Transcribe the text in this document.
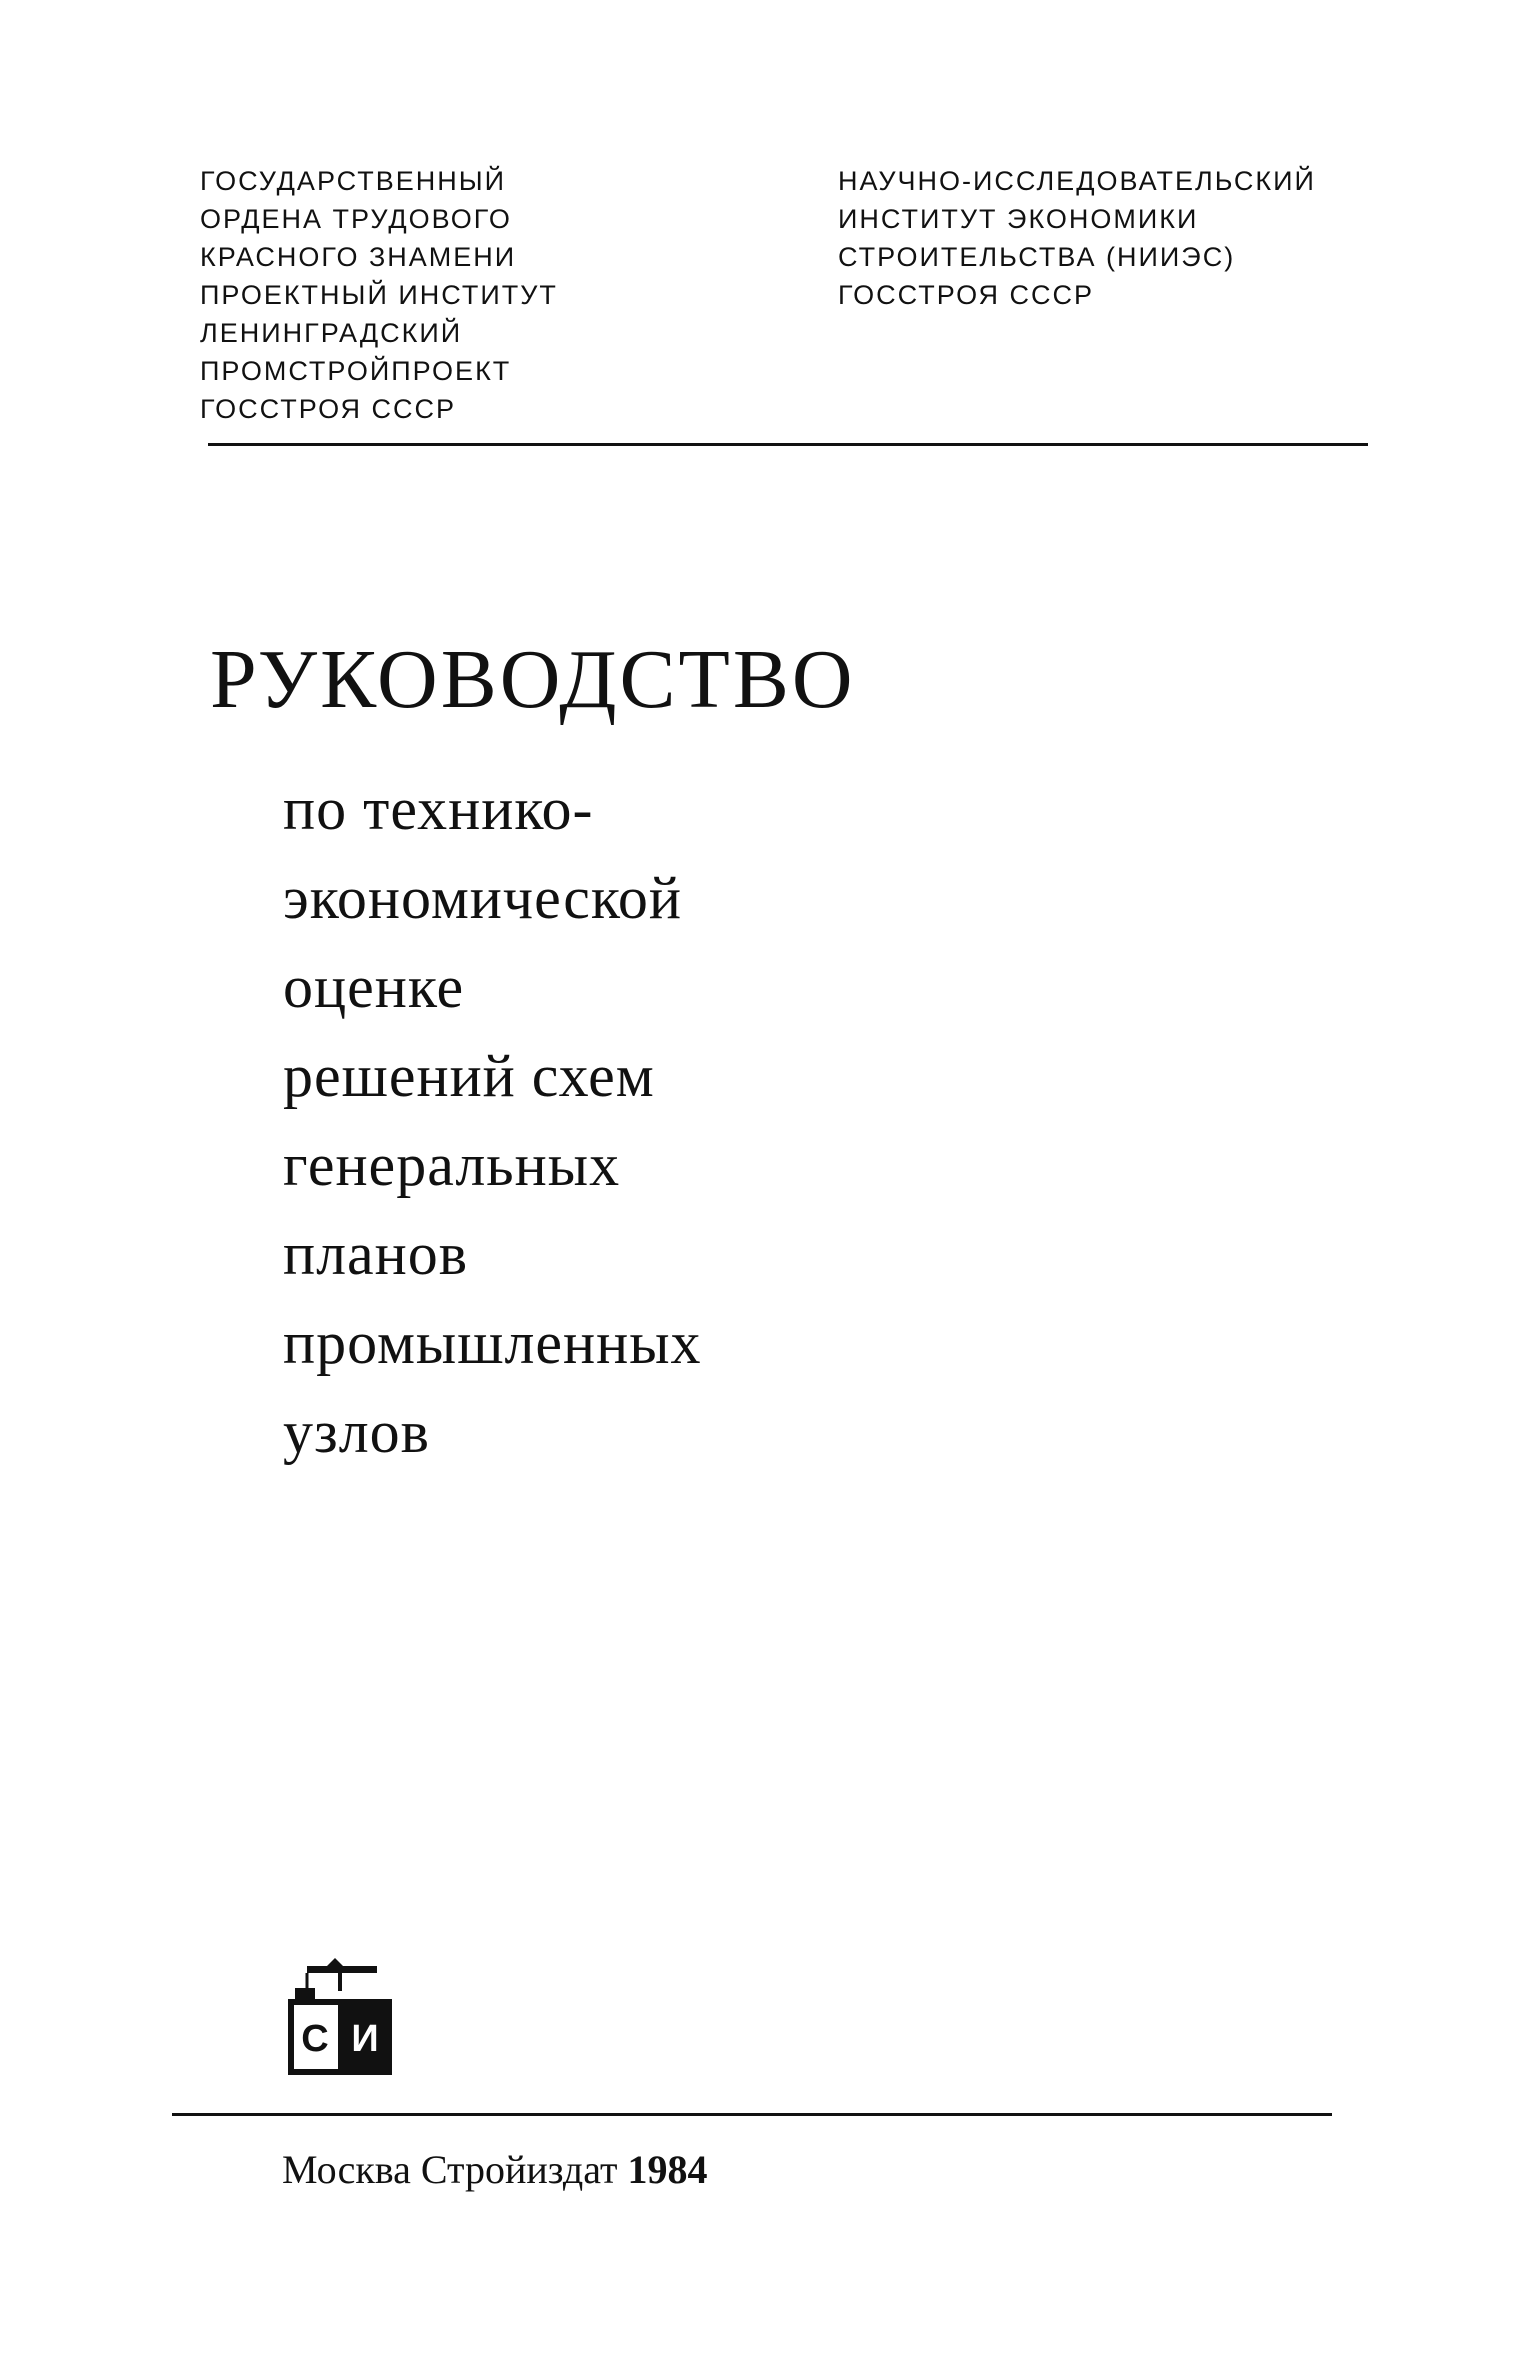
ГОСУДАРСТВЕННЫЙ
ОРДЕНА ТРУДОВОГО
КРАСНОГО ЗНАМЕНИ
ПРОЕКТНЫЙ ИНСТИТУТ
ЛЕНИНГРАДСКИЙ
ПРОМСТРОЙПРОЕКТ
ГОССТРОЯ СССР
НАУЧНО-ИССЛЕДОВАТЕЛЬСКИЙ
ИНСТИТУТ ЭКОНОМИКИ
СТРОИТЕЛЬСТВА (НИИЭС)
ГОССТРОЯ СССР
РУКОВОДСТВО
по технико-
экономической
оценке
решений схем
генеральных
планов
промышленных
узлов
С И

Москва Стройиздат 1984
